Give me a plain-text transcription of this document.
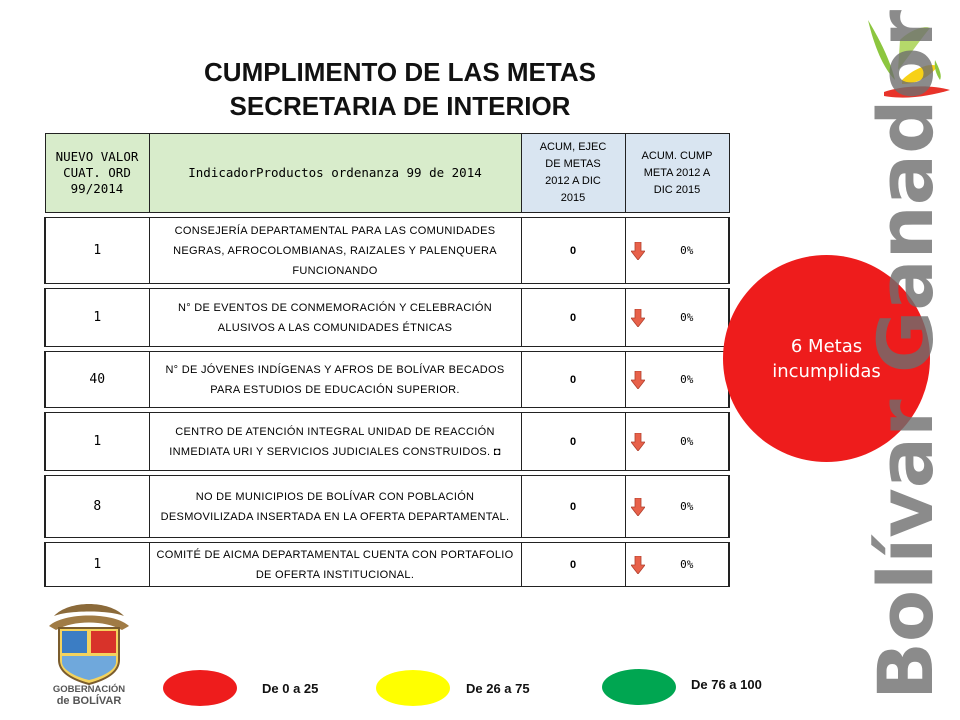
CUMPLIMENTO DE LAS METAS
SECRETARIA DE INTERIOR
NUEVO VALOR CUAT. ORD 99/2014	IndicadorProductos ordenanza 99 de 2014	ACUM, EJEC DE METAS 2012 A DIC 2015	ACUM. CUMP META 2012 A DIC 2015

1	CONSEJERÍA DEPARTAMENTAL PARA LAS COMUNIDADES NEGRAS, AFROCOLOMBIANAS, RAIZALES Y PALENQUERA FUNCIONANDO	0	0%

1	N° DE EVENTOS DE CONMEMORACIÓN Y CELEBRACIÓN ALUSIVOS A LAS COMUNIDADES ÉTNICAS	0	0%

40	N° DE JÓVENES INDÍGENAS Y AFROS DE BOLÍVAR BECADOS PARA ESTUDIOS DE EDUCACIÓN SUPERIOR.	0	0%

1	CENTRO DE ATENCIÓN INTEGRAL UNIDAD DE REACCIÓN INMEDIATA URI Y SERVICIOS JUDICIALES CONSTRUIDOS. ◘	0	0%

8	NO DE MUNICIPIOS DE BOLÍVAR CON POBLACIÓN DESMOVILIZADA INSERTADA EN LA OFERTA DEPARTAMENTAL.	0	0%

1	COMITÉ DE AICMA DEPARTAMENTAL CUENTA CON PORTAFOLIO DE OFERTA INSTITUCIONAL.	0	0%
6 Metas incumplidas
Bolívar Ganador
GOBERNACIÓN
de BOLÍVAR
De 0 a 25	De 26 a 75	De 76 a 100
